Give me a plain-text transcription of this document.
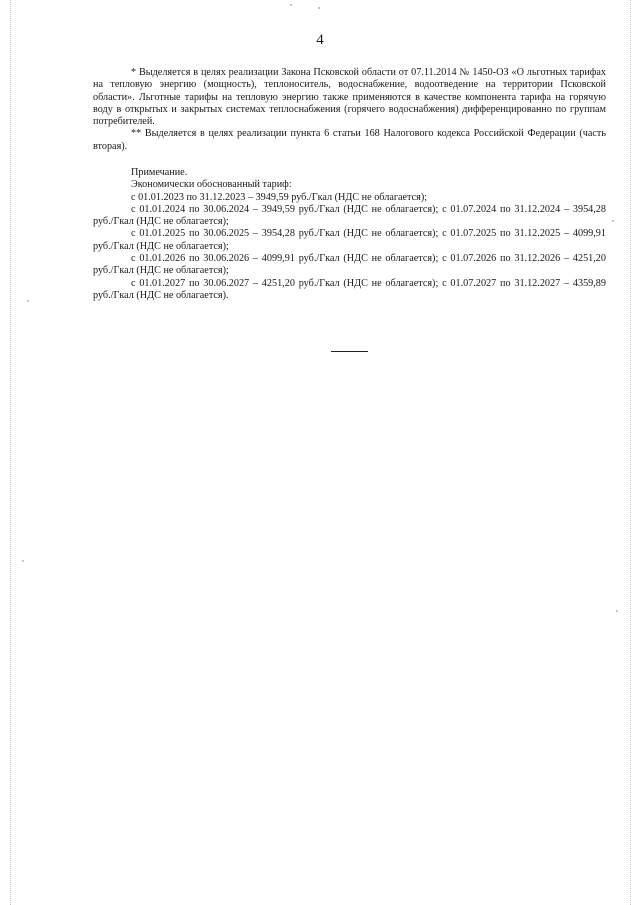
4

* Выделяется в целях реализации Закона Псковской области от 07.11.2014 № 1450-ОЗ «О льготных тарифах на тепловую энергию (мощность), теплоноситель, водоснабжение, водоотведение на территории Псковской области». Льготные тарифы на тепловую энергию также применяются в качестве компонента тарифа на горячую воду в открытых и закрытых системах теплоснабжения (горячего водоснабжения) дифференцированно по группам потребителей.

** Выделяется в целях реализации пункта 6 статьи 168 Налогового кодекса Российской Федерации (часть вторая).

Примечание.

Экономически обоснованный тариф:

с 01.01.2023 по 31.12.2023 – 3949,59 руб./Гкал (НДС не облагается);

с 01.01.2024 по 30.06.2024 – 3949,59 руб./Гкал (НДС не облагается); с 01.07.2024 по 31.12.2024 – 3954,28 руб./Гкал (НДС не облагается);

с 01.01.2025 по 30.06.2025 – 3954,28 руб./Гкал (НДС не облагается); с 01.07.2025 по 31.12.2025 – 4099,91 руб./Гкал (НДС не облагается);

с 01.01.2026 по 30.06.2026 – 4099,91 руб./Гкал (НДС не облагается); с 01.07.2026 по 31.12.2026 – 4251,20 руб./Гкал (НДС не облагается);

с 01.01.2027 по 30.06.2027 – 4251,20 руб./Гкал (НДС не облагается); с 01.07.2027 по 31.12.2027 – 4359,89 руб./Гкал (НДС не облагается).
